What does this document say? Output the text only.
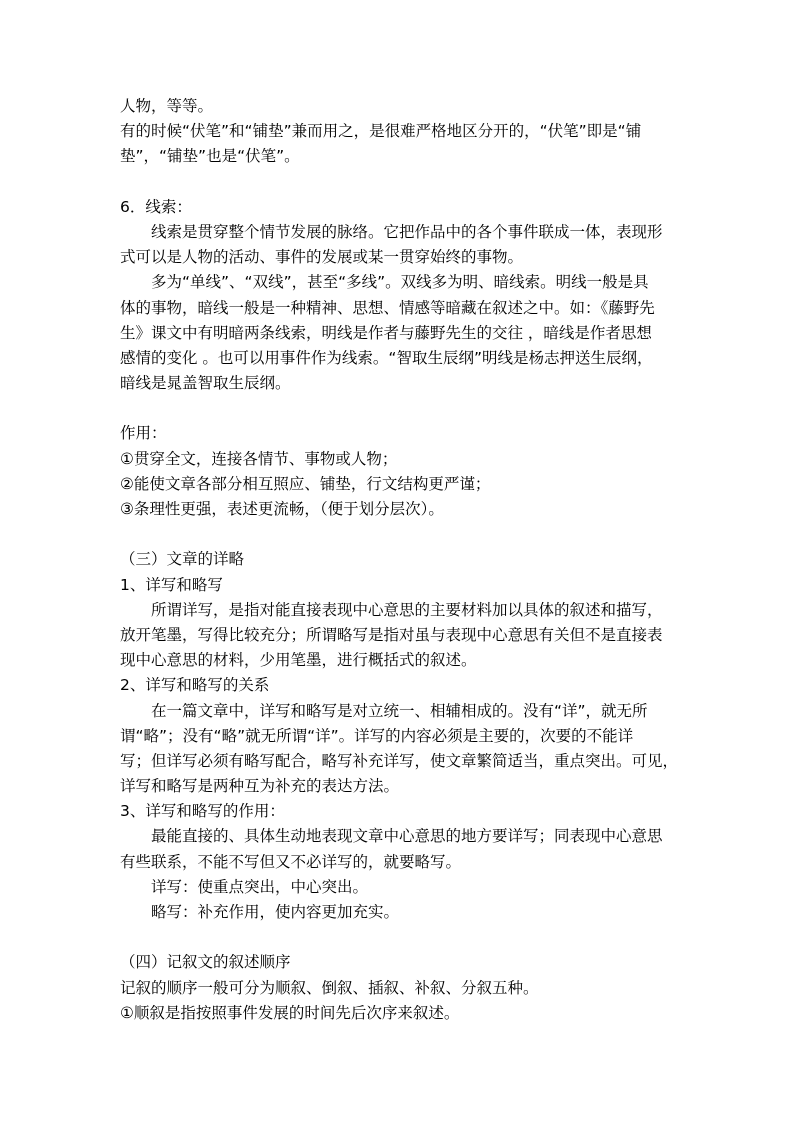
人物，等等。
有的时候“伏笔”和“铺垫”兼而用之，是很难严格地区分开的，“伏笔”即是“铺
垫”，“铺垫”也是“伏笔”。
6．线索：
线索是贯穿整个情节发展的脉络。它把作品中的各个事件联成一体，表现形
式可以是人物的活动、事件的发展或某一贯穿始终的事物。
多为“单线”、“双线”，甚至“多线”。双线多为明、暗线索。明线一般是具
体的事物，暗线一般是一种精神、思想、情感等暗藏在叙述之中。如：《藤野先
生》课文中有明暗两条线索，明线是作者与藤野先生的交往 ，暗线是作者思想
感情的变化 。也可以用事件作为线索。“智取生辰纲”明线是杨志押送生辰纲，
暗线是晁盖智取生辰纲。
作用：
①贯穿全文，连接各情节、事物或人物；
②能使文章各部分相互照应、铺垫，行文结构更严谨；
③条理性更强，表述更流畅，（便于划分层次）。
（三）文章的详略
1、详写和略写
所谓详写，是指对能直接表现中心意思的主要材料加以具体的叙述和描写，
放开笔墨，写得比较充分；所谓略写是指对虽与表现中心意思有关但不是直接表
现中心意思的材料，少用笔墨，进行概括式的叙述。
2、详写和略写的关系
在一篇文章中，详写和略写是对立统一、相辅相成的。没有“详”，就无所
谓“略”；没有“略”就无所谓“详”。详写的内容必须是主要的，次要的不能详
写；但详写必须有略写配合，略写补充详写，使文章繁简适当，重点突出。可见，
详写和略写是两种互为补充的表达方法。
3、详写和略写的作用：
最能直接的、具体生动地表现文章中心意思的地方要详写；同表现中心意思
有些联系，不能不写但又不必详写的，就要略写。
详写：使重点突出，中心突出。
略写：补充作用，使内容更加充实。
（四）记叙文的叙述顺序
记叙的顺序一般可分为顺叙、倒叙、插叙、补叙、分叙五种。
①顺叙是指按照事件发展的时间先后次序来叙述。
